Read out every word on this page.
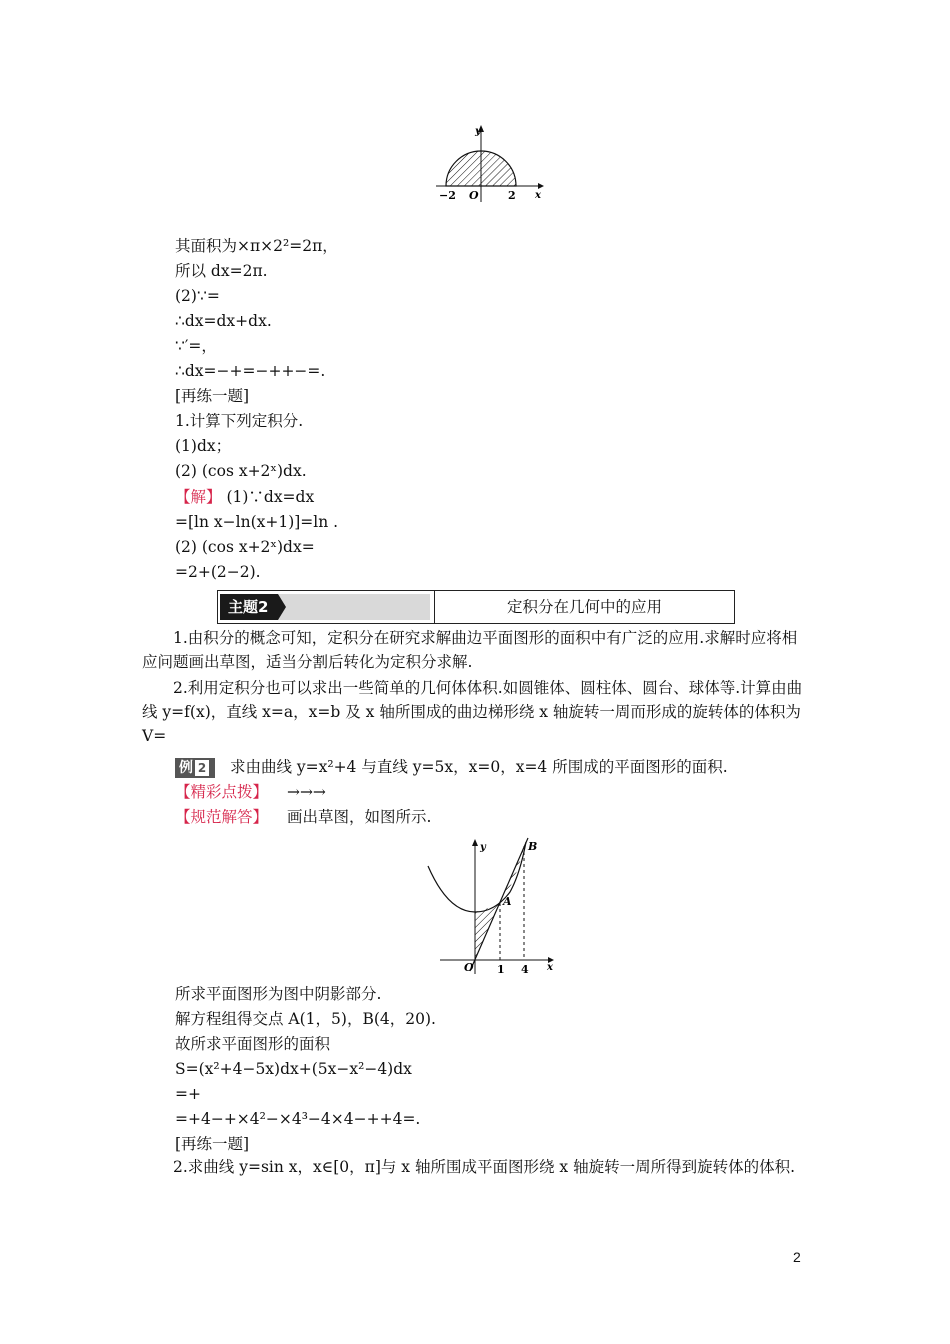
y
x
−2 O	2
其面积为×π×2²=2π，
所以 dx=2π.
(2)∵=
∴dx=dx+dx.
∵′=，
∴dx=−+=−++−=.
[再练一题]
1.计算下列定积分.
(1)dx；
(2) (cos x+2ˣ)dx.
【解】 (1)∵dx=dx
=[ln x−ln(x+1)]=ln .
(2) (cos x+2ˣ)dx=
=2+(2−2).
主题2	定积分在几何中的应用
1.由积分的概念可知，定积分在研究求解曲边平面图形的面积中有广泛的应用.求解时应将相应问题画出草图，适当分割后转化为定积分求解.
2.利用定积分也可以求出一些简单的几何体体积.如圆锥体、圆柱体、圆台、球体等.计算由曲线 y=f(x)，直线 x=a，x=b 及 x 轴所围成的曲边梯形绕 x 轴旋转一周而形成的旋转体的体积为 V=
例 2 求由曲线 y=x²+4 与直线 y=5x，x=0，x=4 所围成的平面图形的面积.
【精彩点拨】 →→→
【规范解答】 画出草图，如图所示.
y
x
O 1 4
A
B
所求平面图形为图中阴影部分.
解方程组得交点 A(1，5)，B(4，20).
故所求平面图形的面积
S=(x²+4−5x)dx+(5x−x²−4)dx
=+
=+4−+×4²−×4³−4×4−++4=.
[再练一题]
2.求曲线 y=sin x，x∈[0，π]与 x 轴所围成平面图形绕 x 轴旋转一周所得到旋转体的体积.
2
